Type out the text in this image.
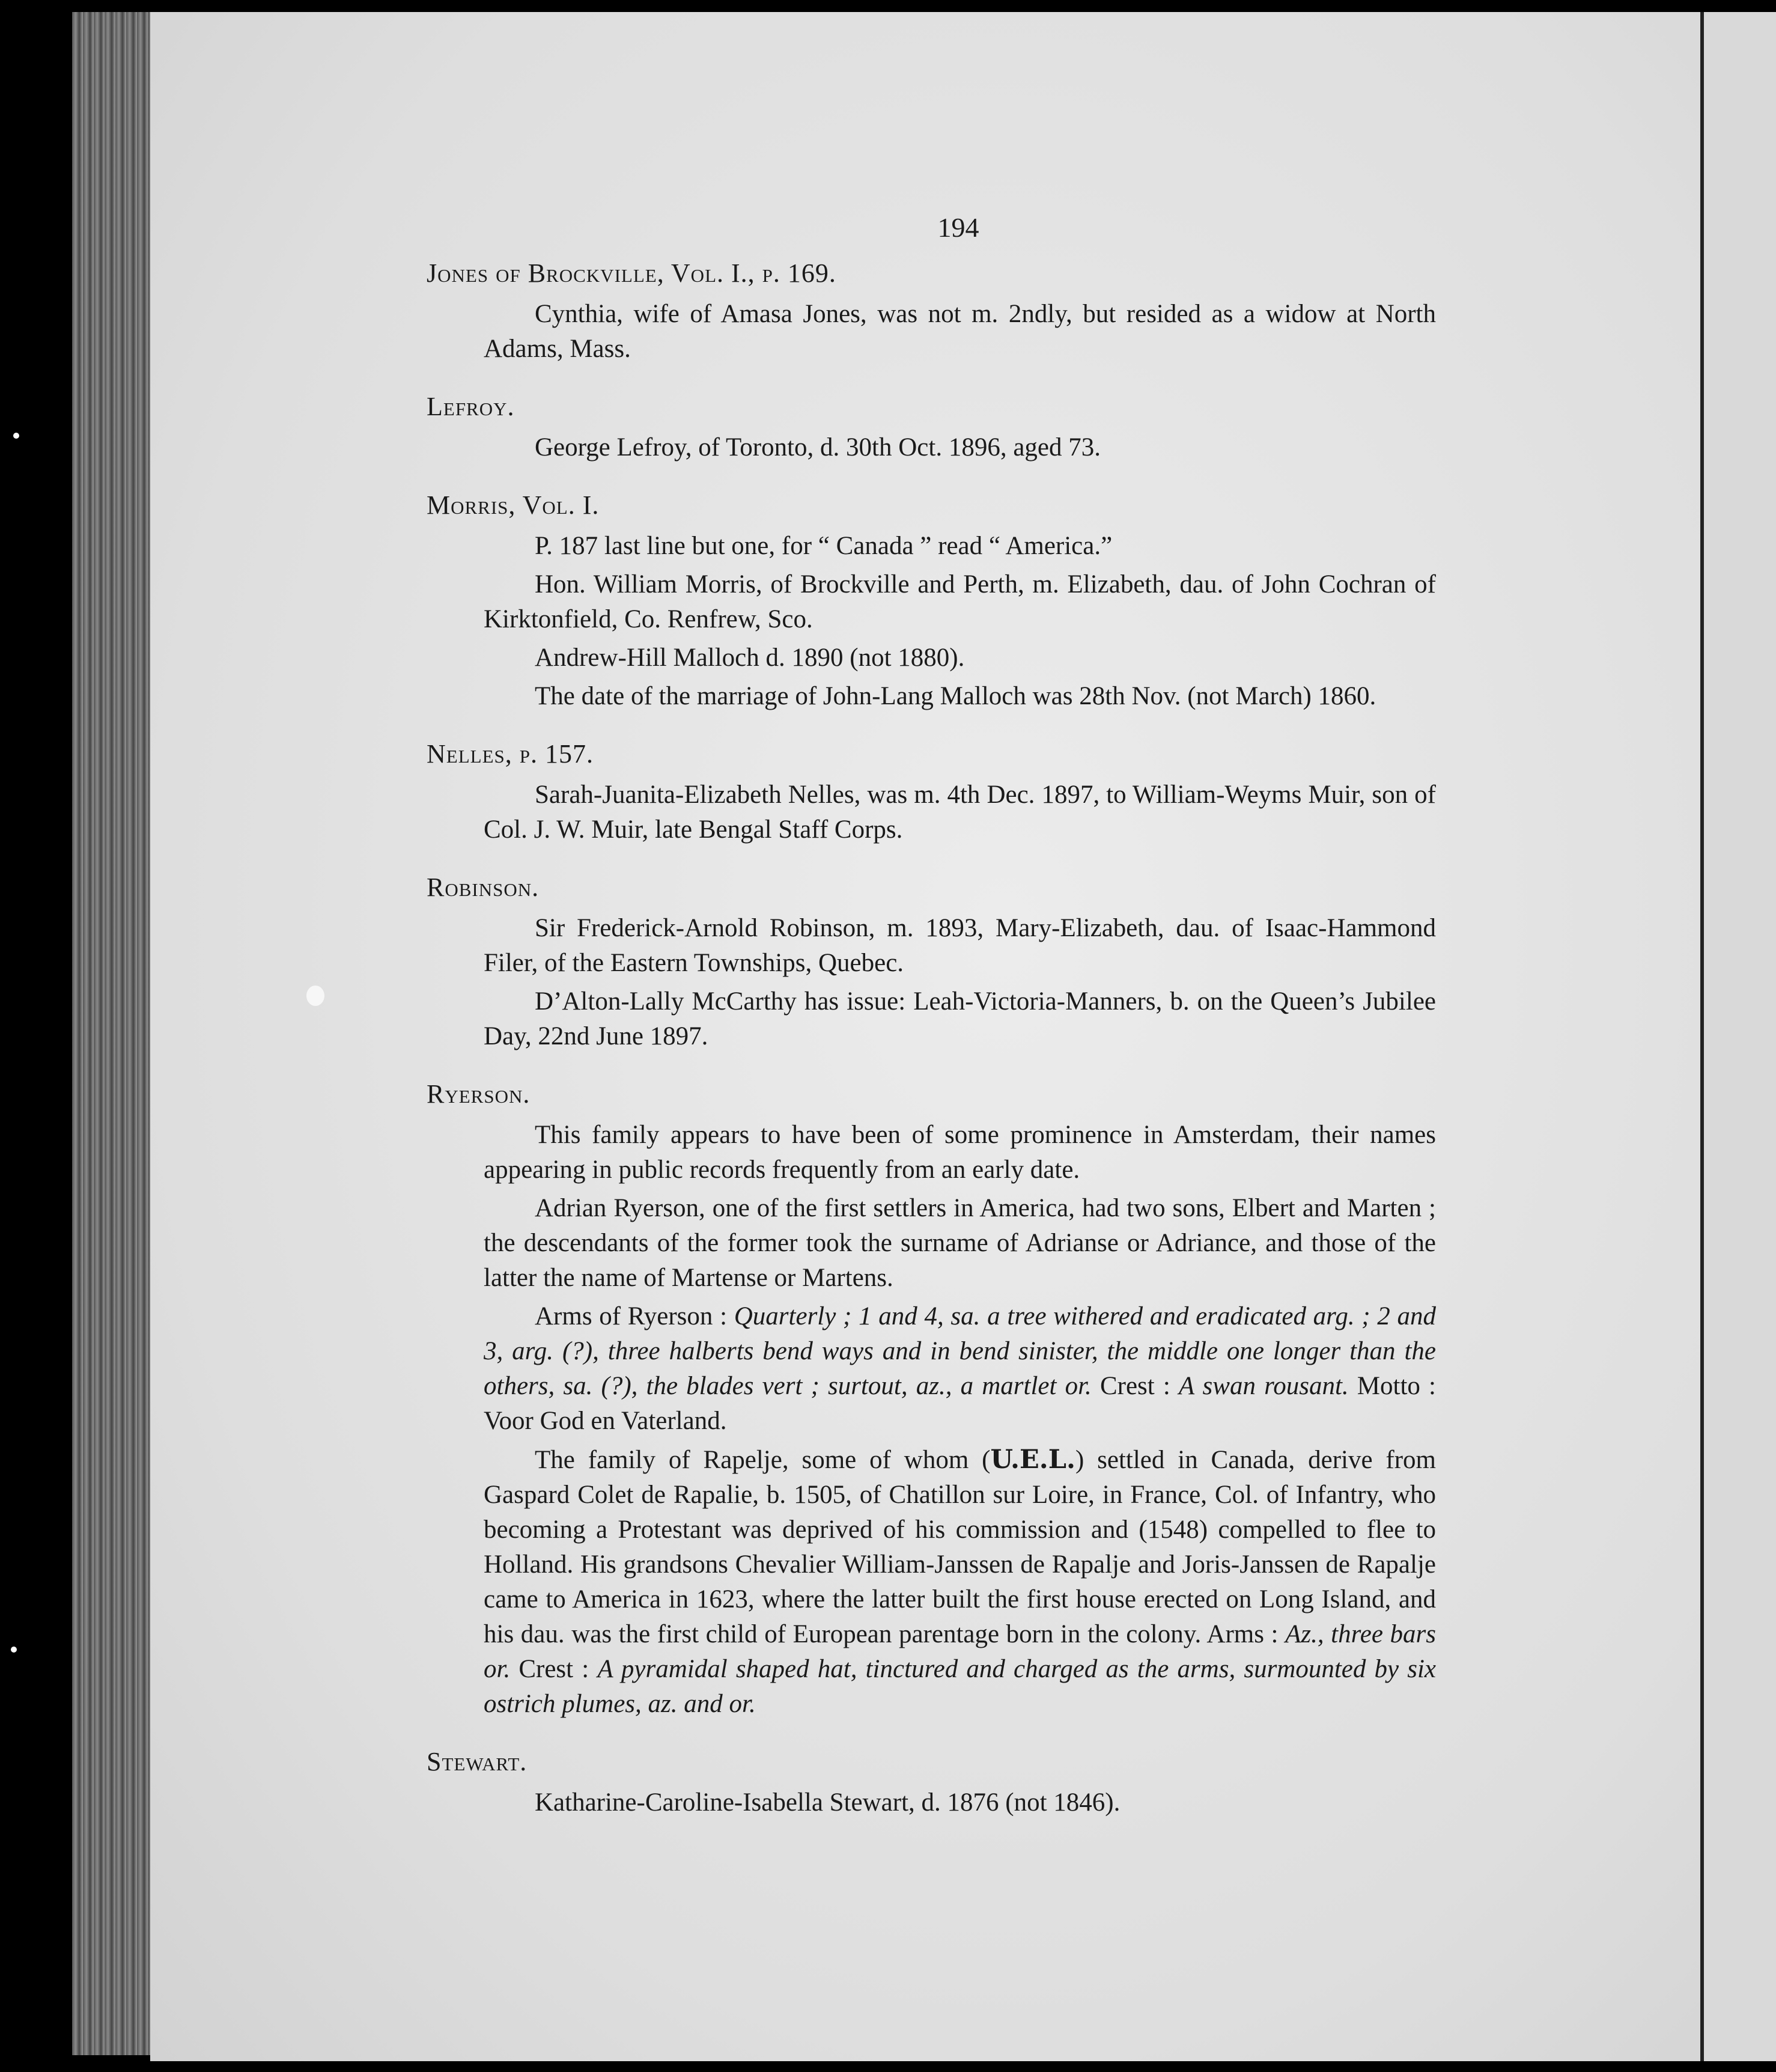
194
Jones of Brockville, Vol. I., p. 169.

Cynthia, wife of Amasa Jones, was not m. 2ndly, but resided as a widow at North Adams, Mass.

Lefroy.

George Lefroy, of Toronto, d. 30th Oct. 1896, aged 73.

Morris, Vol. I.

P. 187 last line but one, for “ Canada ” read “ America.”

Hon. William Morris, of Brockville and Perth, m. Elizabeth, dau. of John Cochran of Kirktonfield, Co. Renfrew, Sco.

Andrew-Hill Malloch d. 1890 (not 1880).

The date of the marriage of John-Lang Malloch was 28th Nov. (not March) 1860.

Nelles, p. 157.

Sarah-Juanita-Elizabeth Nelles, was m. 4th Dec. 1897, to William-Weyms Muir, son of Col. J. W. Muir, late Bengal Staff Corps.

Robinson.

Sir Frederick-Arnold Robinson, m. 1893, Mary-Elizabeth, dau. of Isaac-Hammond Filer, of the Eastern Townships, Quebec.

D’Alton-Lally McCarthy has issue: Leah-Victoria-Manners, b. on the Queen’s Jubilee Day, 22nd June 1897.

Ryerson.

This family appears to have been of some prominence in Amsterdam, their names appearing in public records frequently from an early date.

Adrian Ryerson, one of the first settlers in America, had two sons, Elbert and Marten ; the descendants of the former took the surname of Adrianse or Adriance, and those of the latter the name of Martense or Martens.

Arms of Ryerson : Quarterly ; 1 and 4, sa. a tree withered and eradicated arg. ; 2 and 3, arg. (?), three halberts bend ways and in bend sinister, the middle one longer than the others, sa. (?), the blades vert ; surtout, az., a martlet or. Crest : A swan rousant. Motto : Voor God en Vaterland.

The family of Rapelje, some of whom (U.E.L.) settled in Canada, derive from Gaspard Colet de Rapalie, b. 1505, of Chatillon sur Loire, in France, Col. of Infantry, who becoming a Protestant was deprived of his commission and (1548) compelled to flee to Holland. His grandsons Chevalier William-Janssen de Rapalje and Joris-Janssen de Rapalje came to America in 1623, where the latter built the first house erected on Long Island, and his dau. was the first child of European parentage born in the colony. Arms : Az., three bars or. Crest : A pyramidal shaped hat, tinctured and charged as the arms, surmounted by six ostrich plumes, az. and or.

Stewart.

Katharine-Caroline-Isabella Stewart, d. 1876 (not 1846).
